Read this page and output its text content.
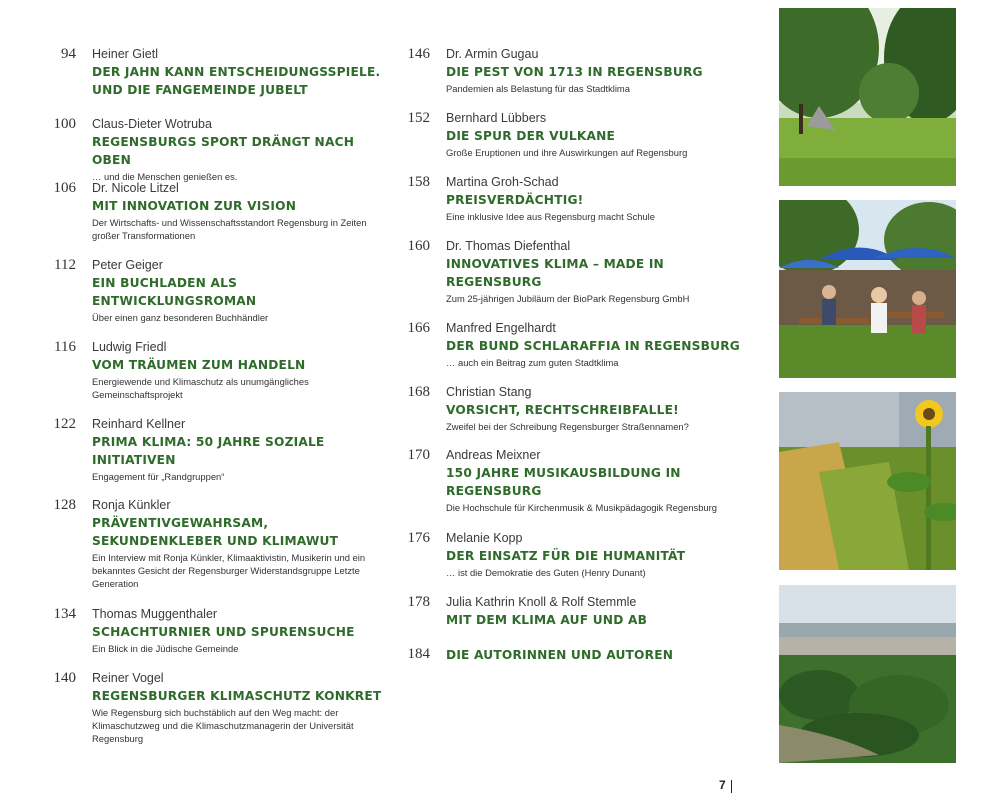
94 Heiner Gietl
DER JAHN KANN ENTSCHEIDUNGSSPIELE. UND DIE FANGEMEINDE JUBELT
100 Claus-Dieter Wotruba
REGENSBURGS SPORT DRÄNGT NACH OBEN
… und die Menschen genießen es.
106 Dr. Nicole Litzel
MIT INNOVATION ZUR VISION
Der Wirtschafts- und Wissenschaftsstandort Regensburg in Zeiten großer Transformationen
112 Peter Geiger
EIN BUCHLADEN ALS ENTWICKLUNGSROMAN
Über einen ganz besonderen Buchhändler
116 Ludwig Friedl
VOM TRÄUMEN ZUM HANDELN
Energiewende und Klimaschutz als unumgängliches Gemeinschaftsprojekt
122 Reinhard Kellner
PRIMA KLIMA: 50 JAHRE SOZIALE INITIATIVEN
Engagement für „Randgruppen“
128 Ronja Künkler
PRÄVENTIVGEWAHRSAM, SEKUNDENKLEBER UND KLIMAWUT
Ein Interview mit Ronja Künkler, Klimaaktivistin, Musikerin und ein bekanntes Gesicht der Regensburger Widerstandsgruppe Letzte Generation
134 Thomas Muggenthaler
SCHACHTURNIER UND SPURENSUCHE
Ein Blick in die Jüdische Gemeinde
140 Reiner Vogel
REGENSBURGER KLIMASCHUTZ KONKRET
Wie Regensburg sich buchstäblich auf den Weg macht: der Klimaschutzweg und die Klimaschutzmanagerin der Universität Regensburg
146 Dr. Armin Gugau
DIE PEST VON 1713 IN REGENSBURG
Pandemien als Belastung für das Stadtklima
152 Bernhard Lübbers
DIE SPUR DER VULKANE
Große Eruptionen und ihre Auswirkungen auf Regensburg
158 Martina Groh-Schad
PREISVERDÄCHTIG!
Eine inklusive Idee aus Regensburg macht Schule
160 Dr. Thomas Diefenthal
INNOVATIVES KLIMA – MADE IN REGENSBURG
Zum 25-jährigen Jubiläum der BioPark Regensburg GmbH
166 Manfred Engelhardt
DER BUND SCHLARAFFIA IN REGENSBURG
… auch ein Beitrag zum guten Stadtklima
168 Christian Stang
VORSICHT, RECHTSCHREIBFALLE!
Zweifel bei der Schreibung Regensburger Straßennamen?
170 Andreas Meixner
150 JAHRE MUSIKAUSBILDUNG IN REGENSBURG
Die Hochschule für Kirchenmusik & Musikpädagogik Regensburg
176 Melanie Kopp
DER EINSATZ FÜR DIE HUMANITÄT
… ist die Demokratie des Guten (Henry Dunant)
178 Julia Kathrin Knoll & Rolf Stemmle
MIT DEM KLIMA AUF UND AB
184 DIE AUTORINNEN UND AUTOREN
7
